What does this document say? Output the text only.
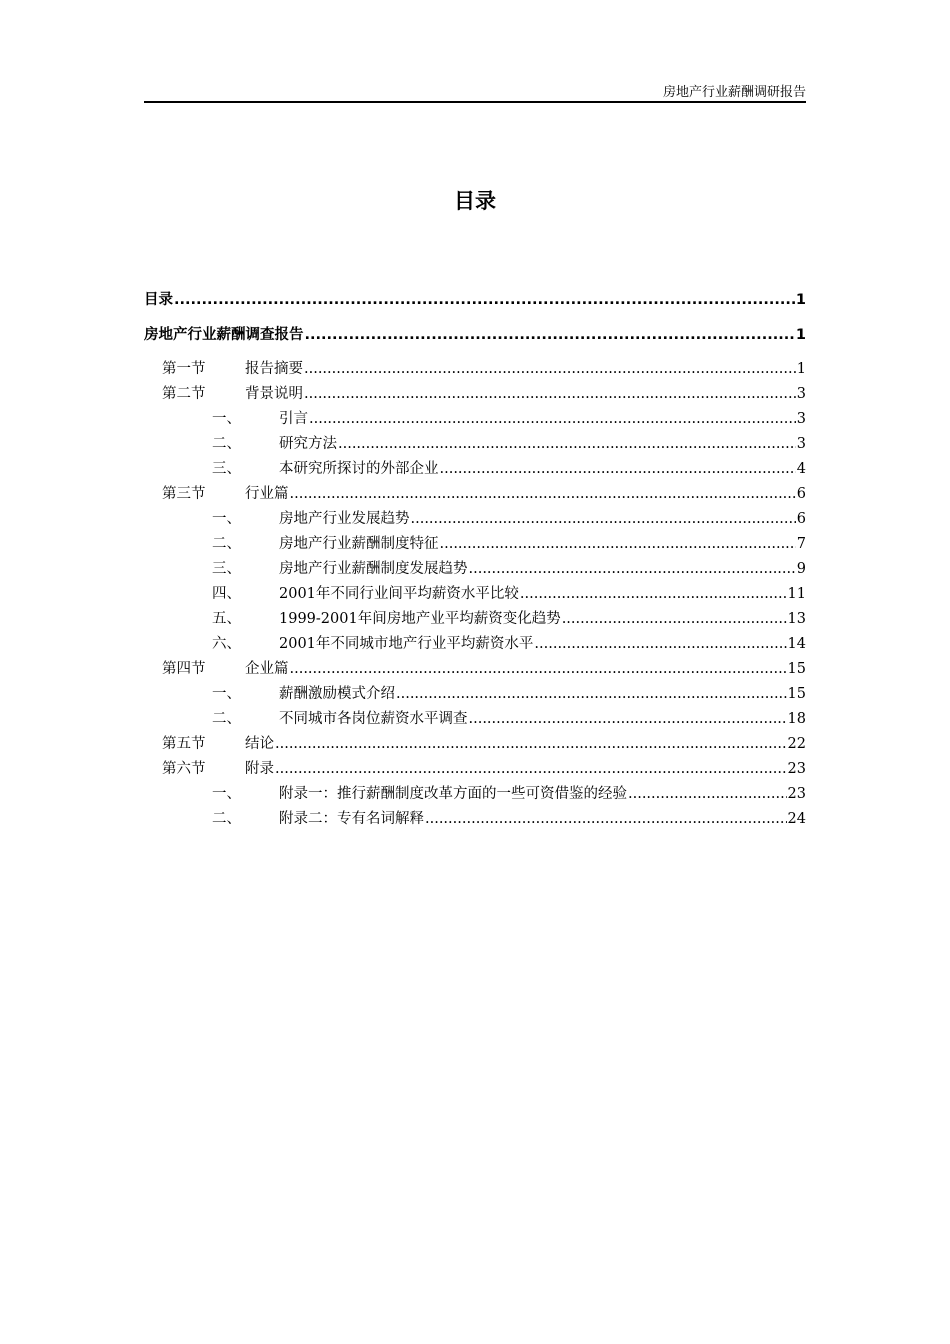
房地产行业薪酬调研报告
目录
目录 .....	1
房地产行业薪酬调查报告 .....	1
第一节	报告摘要 .....	1
第二节	背景说明 .....	3
一、	引言 .....	3
二、	研究方法 .....	3
三、	本研究所探讨的外部企业 .....	4
第三节	行业篇 .....	6
一、	房地产行业发展趋势 .....	6
二、	房地产行业薪酬制度特征 .....	7
三、	房地产行业薪酬制度发展趋势 .....	9
四、	2001年不同行业间平均薪资水平比较 .....	11
五、	1999-2001年间房地产业平均薪资变化趋势 .....	13
六、	2001年不同城市地产行业平均薪资水平 .....	14
第四节	企业篇 .....	15
一、	薪酬激励模式介绍 .....	15
二、	不同城市各岗位薪资水平调查 .....	18
第五节	结论 .....	22
第六节	附录 .....	23
一、	附录一：推行薪酬制度改革方面的一些可资借鉴的经验 .....	23
二、	附录二：专有名词解释 .....	24
